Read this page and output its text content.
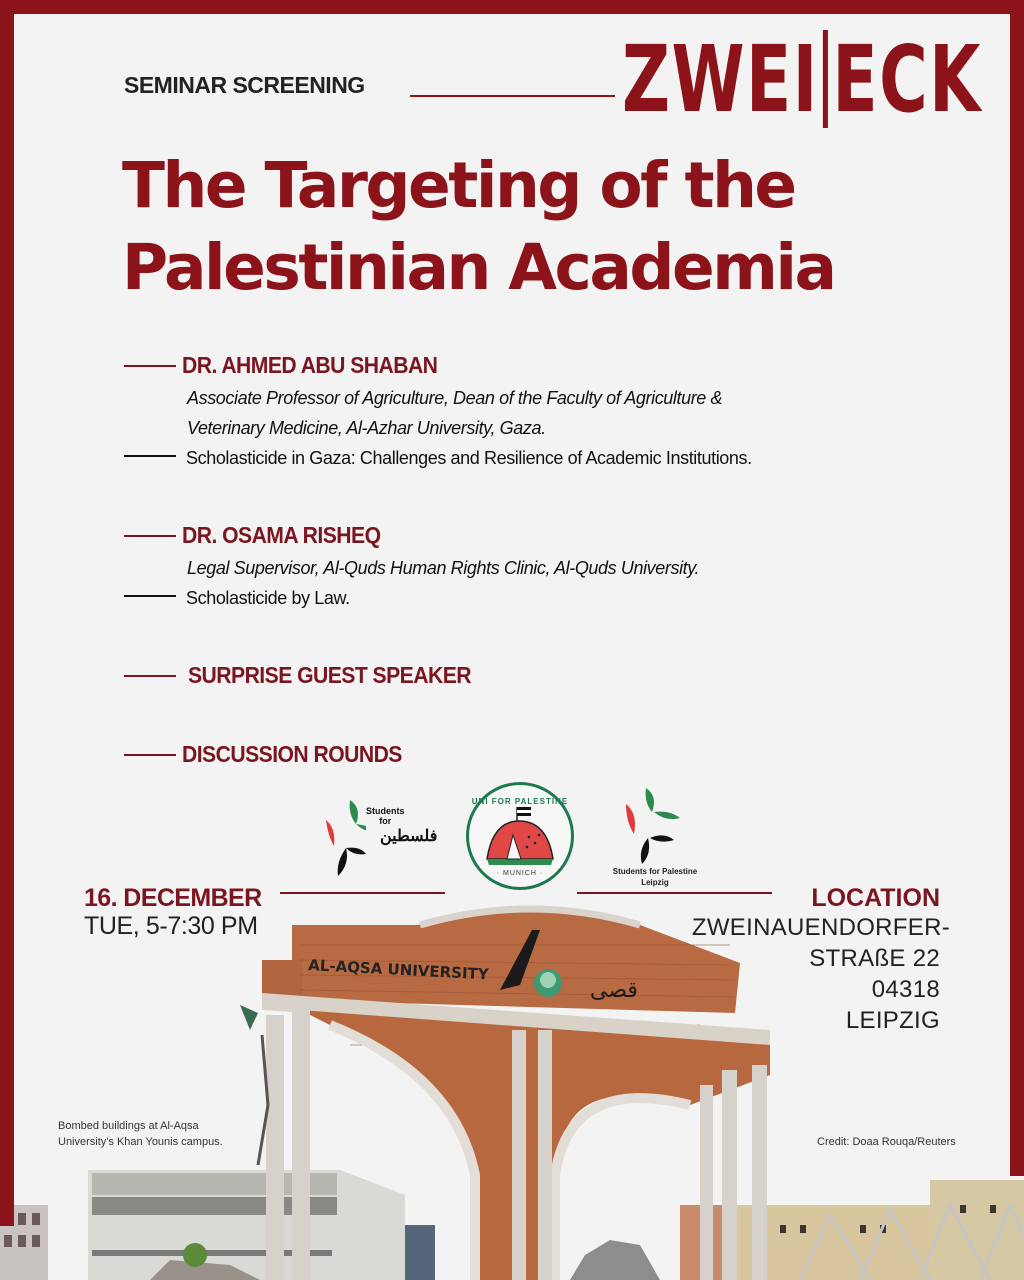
AL-AQSA UNIVERSITY
قصى
SEMINAR SCREENING	ZWEI ECK
The Targeting of the
Palestinian Academia
DR. AHMED ABU SHABAN
Associate Professor of Agriculture, Dean of the Faculty of Agriculture &
Veterinary Medicine, Al-Azhar University, Gaza.
Scholasticide in Gaza: Challenges and Resilience of Academic Institutions.
DR. OSAMA RISHEQ
Legal Supervisor, Al-Quds Human Rights Clinic, Al-Quds University.
Scholasticide by Law.
SURPRISE GUEST SPEAKER
DISCUSSION ROUNDS
Students
for
فلسطين
UNI FOR PALESTINE
· MUNICH ·	Students for Palestine
Leipzig
16. DECEMBER
TUE, 5-7:30 PM
LOCATION
ZWEINAUENDORFER-
STRAßE 22
04318
LEIPZIG
Bombed buildings at Al-Aqsa
University's Khan Younis campus.	Credit: Doaa Rouqa/Reuters
